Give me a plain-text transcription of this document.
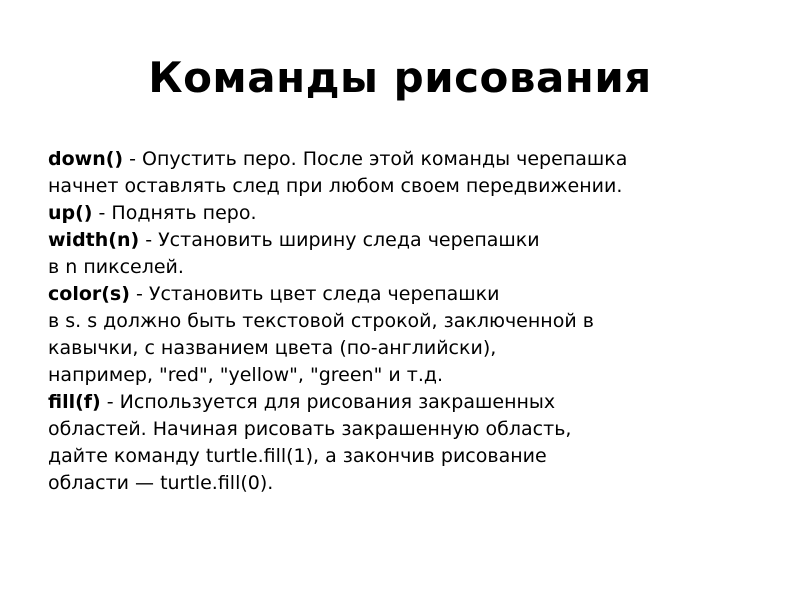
Команды рисования
down() - Опустить перо. После этой команды черепашка
начнет оставлять след при любом своем передвижении.
up() - Поднять перо.
width(n) - Установить ширину следа черепашки
в n пикселей.
color(s) - Установить цвет следа черепашки
в s. s должно быть текстовой строкой, заключенной в
кавычки, с названием цвета (по-английски),
например, "red", "yellow", "green" и т.д.
fill(f) - Используется для рисования закрашенных
областей. Начиная рисовать закрашенную область,
дайте команду turtle.fill(1), а закончив рисование
области — turtle.fill(0).
